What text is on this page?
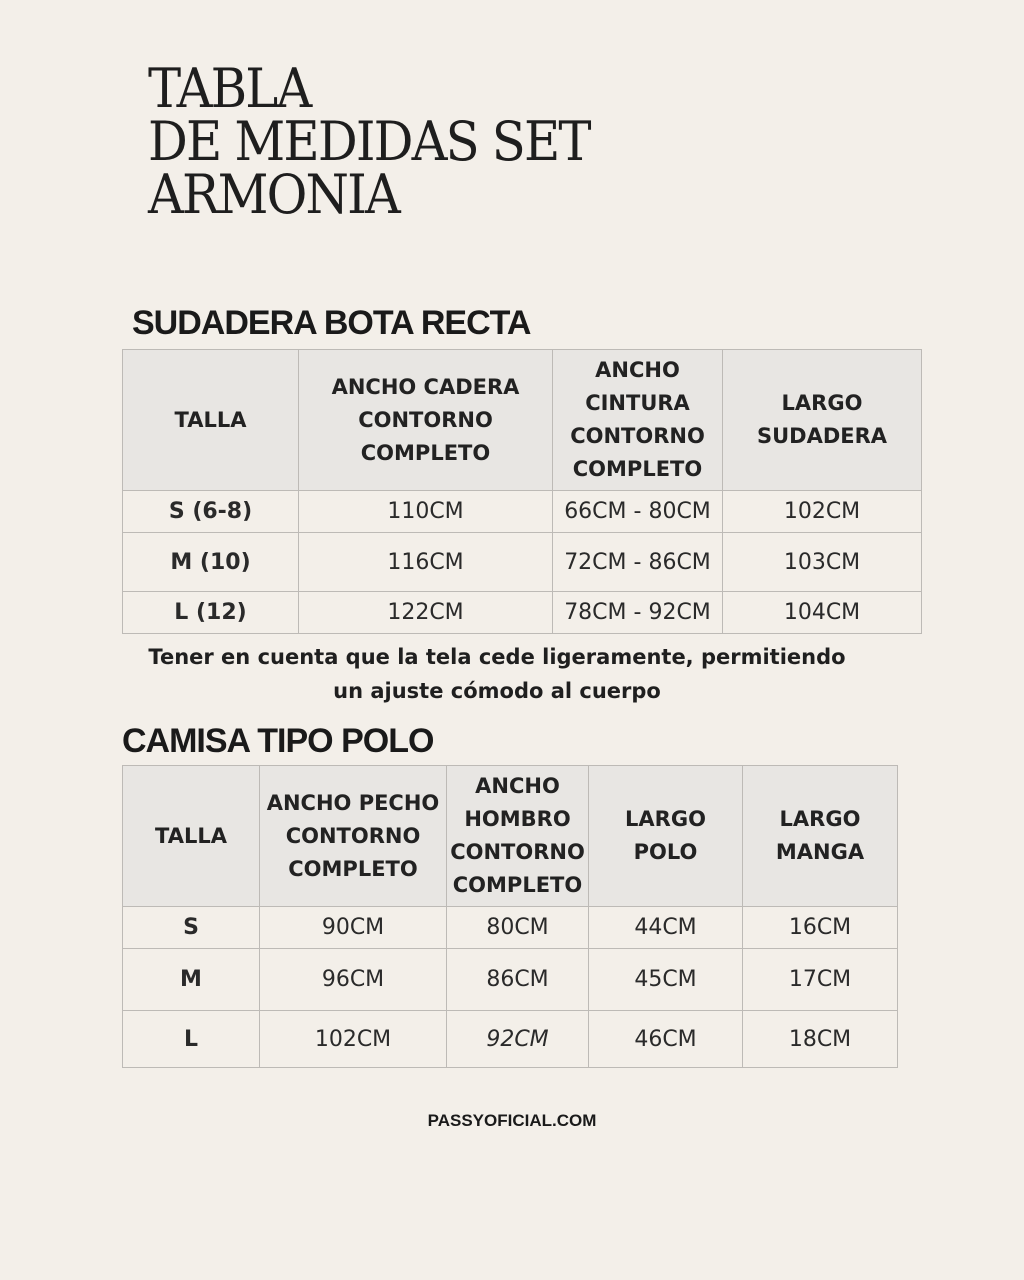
TABLA
DE MEDIDAS SET
ARMONIA
SUDADERA BOTA RECTA
TALLA	ANCHO CADERA CONTORNO COMPLETO	ANCHO CINTURA CONTORNO COMPLETO	LARGO SUDADERA
S (6-8)	110CM	66CM - 80CM	102CM
M (10)	116CM	72CM - 86CM	103CM
L (12)	122CM	78CM - 92CM	104CM
Tener en cuenta que la tela cede ligeramente, permitiendo
un ajuste cómodo al cuerpo
CAMISA TIPO POLO
TALLA	ANCHO PECHO CONTORNO COMPLETO	ANCHO HOMBRO CONTORNO COMPLETO	LARGO POLO	LARGO MANGA
S	90CM	80CM	44CM	16CM
M	96CM	86CM	45CM	17CM
L	102CM	92CM	46CM	18CM
PASSYOFICIAL.COM
